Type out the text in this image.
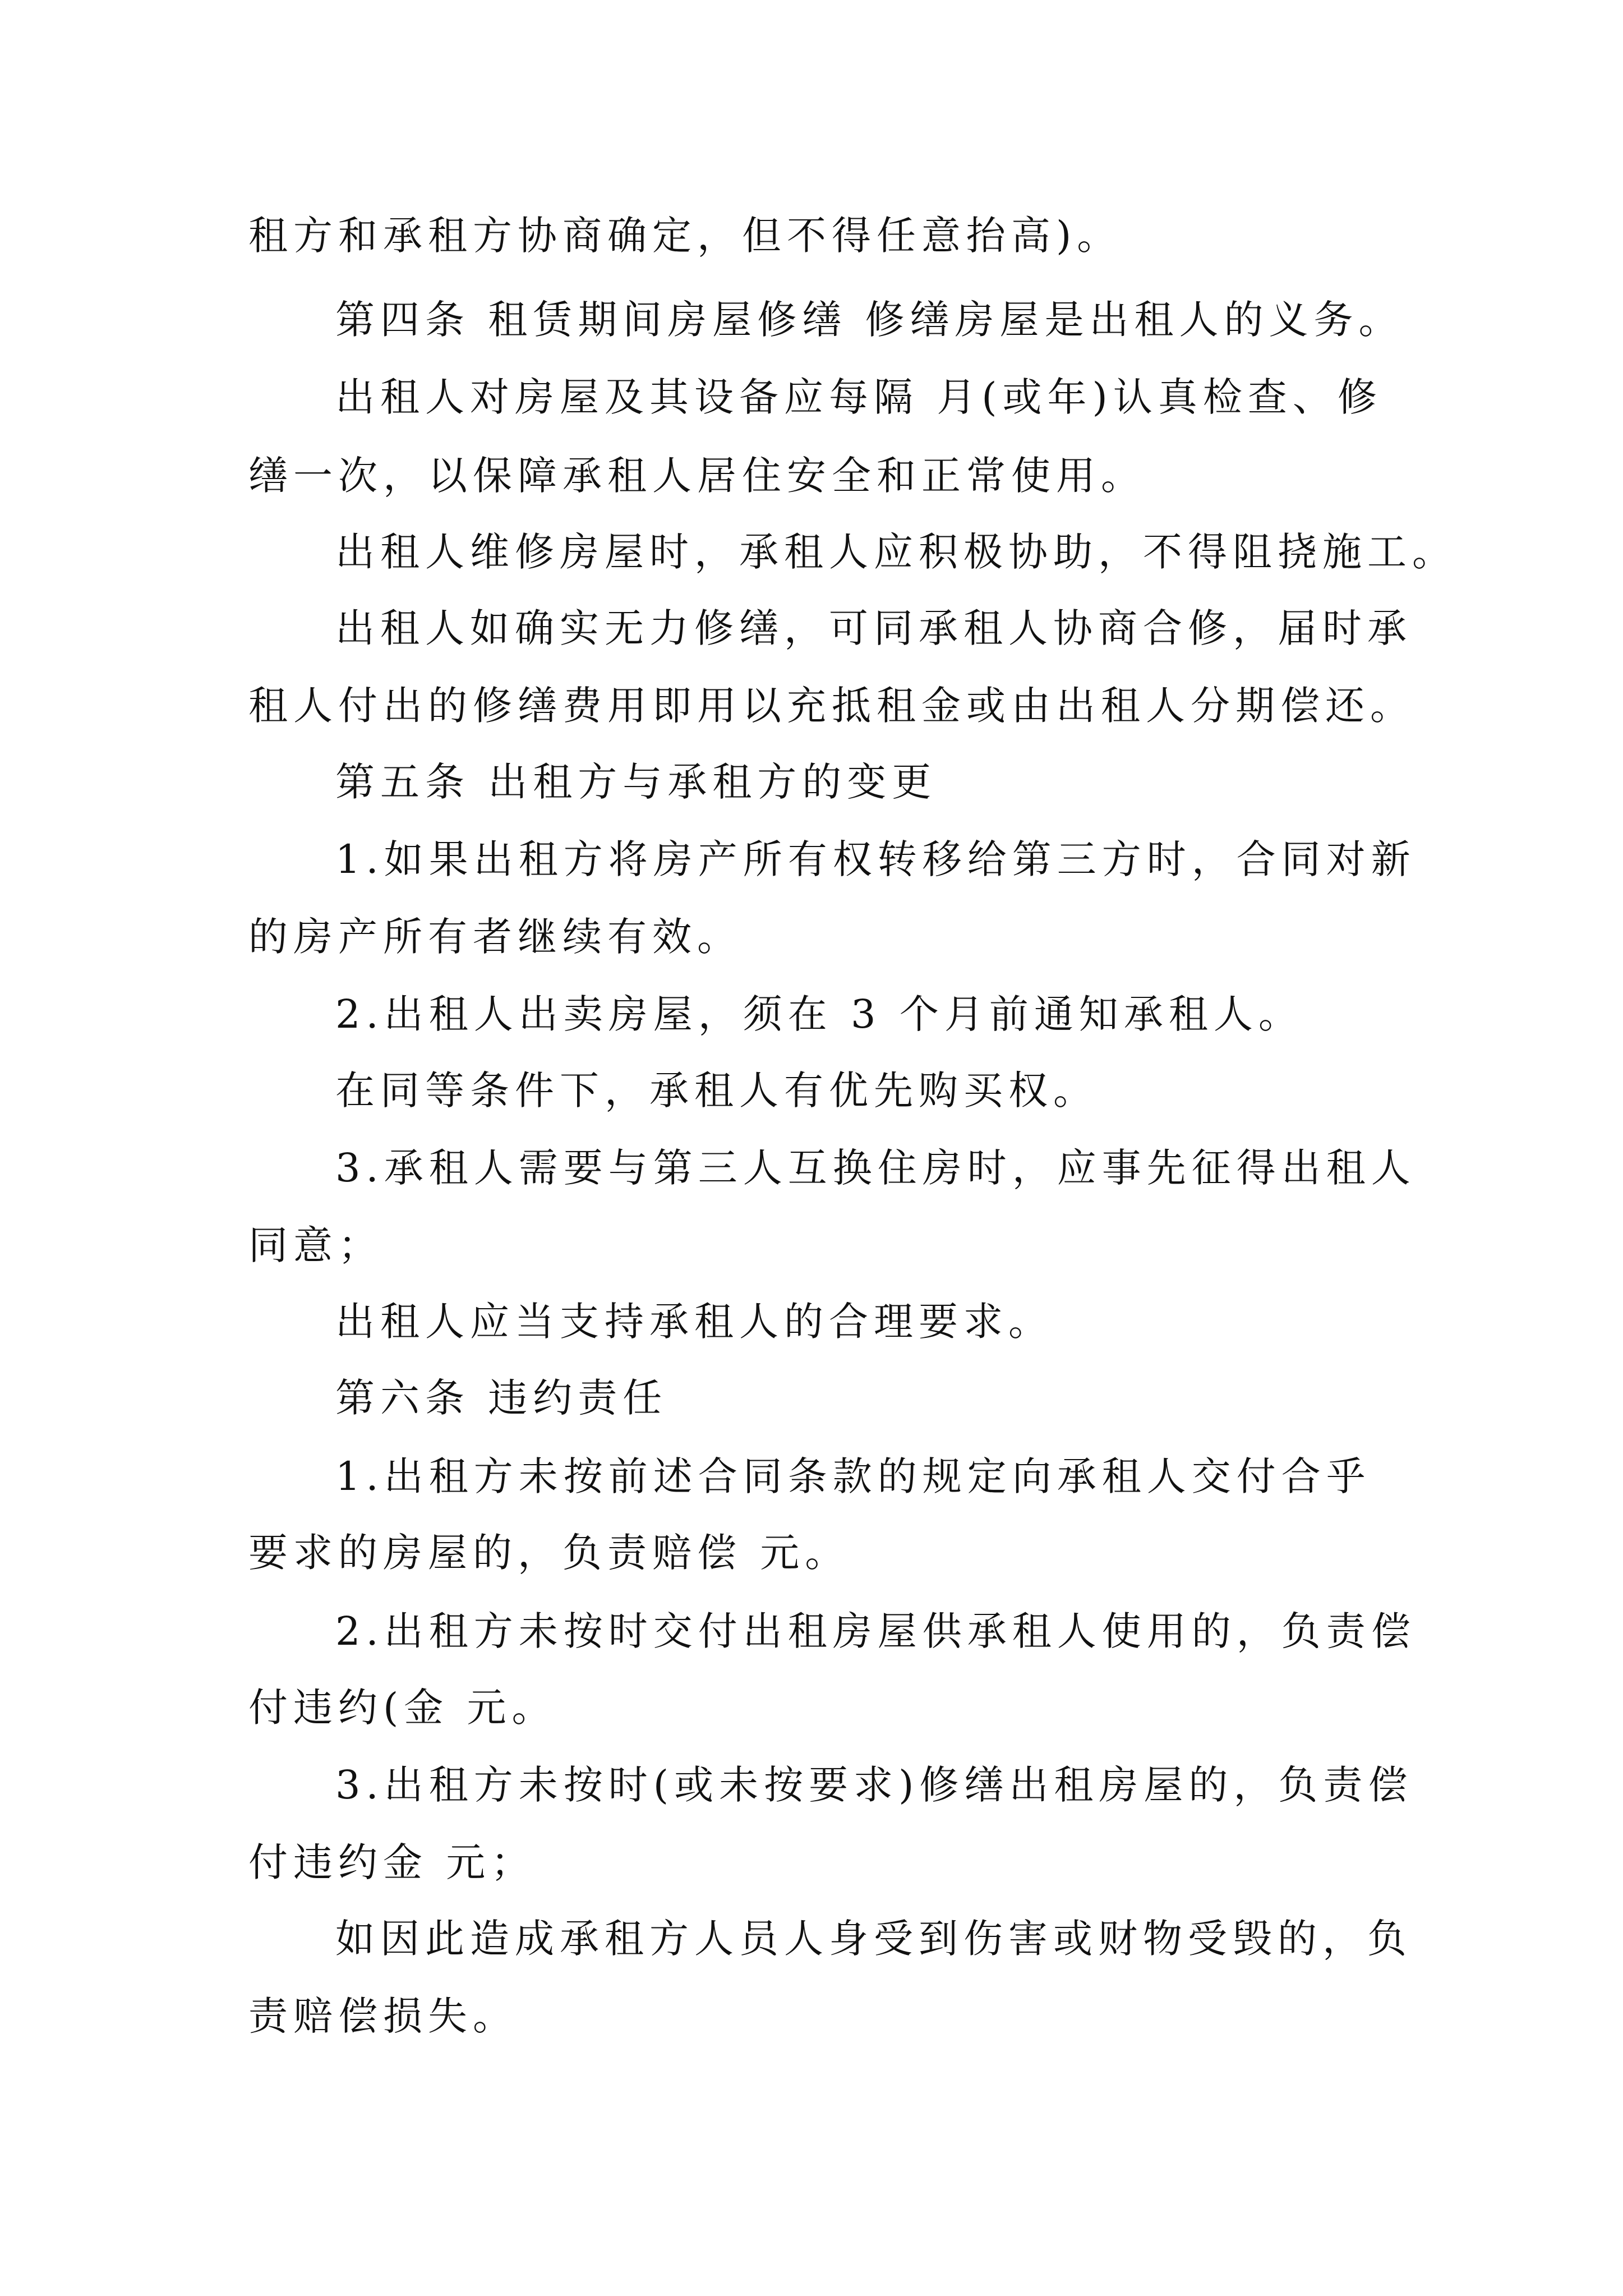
租方和承租方协商确定，但不得任意抬高)。

第四条 租赁期间房屋修缮 修缮房屋是出租人的义务。

出租人对房屋及其设备应每隔 月(或年)认真检查、修

缮一次，以保障承租人居住安全和正常使用。

出租人维修房屋时，承租人应积极协助，不得阻挠施工。

出租人如确实无力修缮，可同承租人协商合修，届时承

租人付出的修缮费用即用以充抵租金或由出租人分期偿还。

第五条 出租方与承租方的变更

1.如果出租方将房产所有权转移给第三方时，合同对新

的房产所有者继续有效。

2.出租人出卖房屋，须在 3 个月前通知承租人。

在同等条件下，承租人有优先购买权。

3.承租人需要与第三人互换住房时，应事先征得出租人

同意；

出租人应当支持承租人的合理要求。

第六条 违约责任

1.出租方未按前述合同条款的规定向承租人交付合乎

要求的房屋的，负责赔偿 元。

2.出租方未按时交付出租房屋供承租人使用的，负责偿

付违约(金 元。

3.出租方未按时(或未按要求)修缮出租房屋的，负责偿

付违约金 元；

如因此造成承租方人员人身受到伤害或财物受毁的，负

责赔偿损失。
